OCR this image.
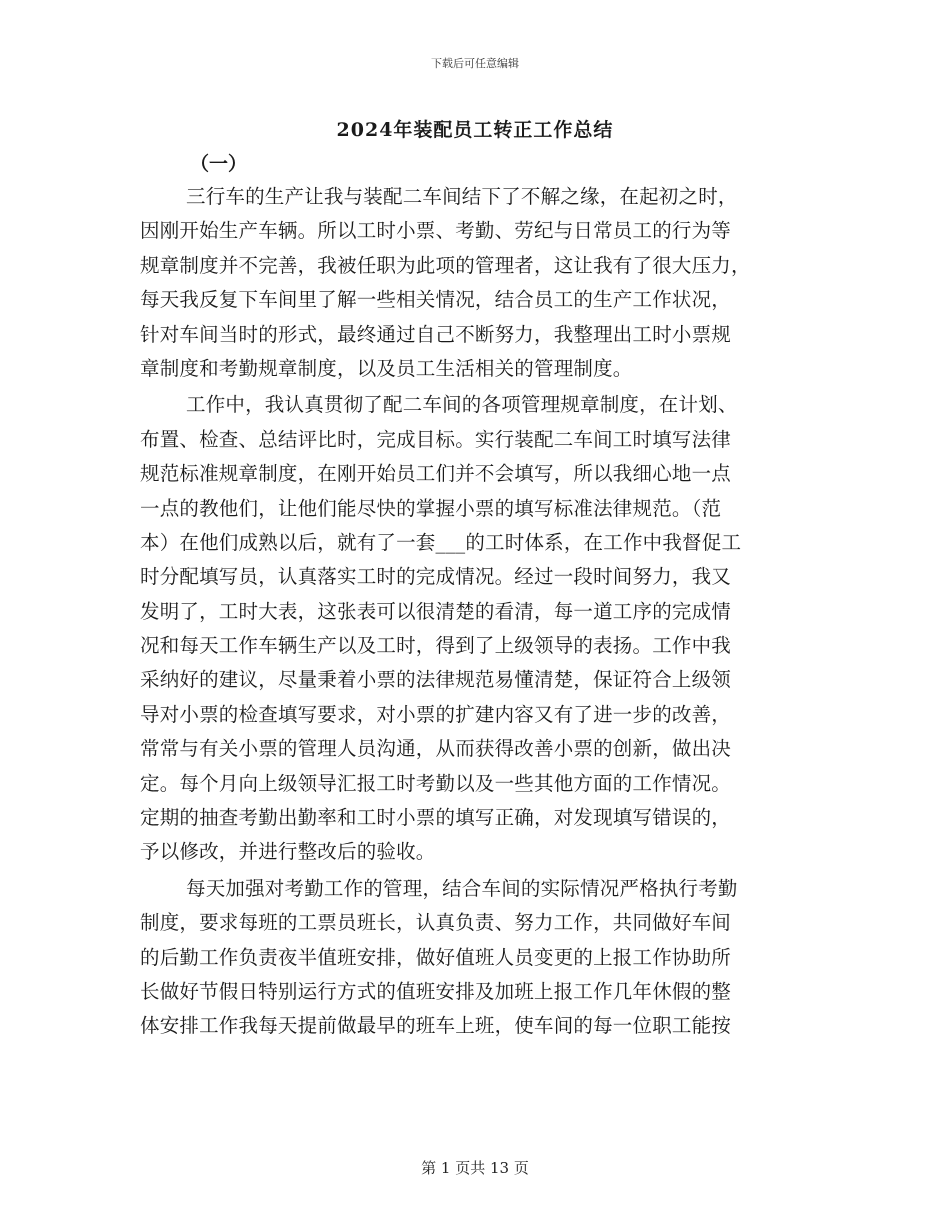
下载后可任意编辑
2024年装配员工转正工作总结
（一）
三行车的生产让我与装配二车间结下了不解之缘，在起初之时，
因刚开始生产车辆。所以工时小票、考勤、劳纪与日常员工的行为等
规章制度并不完善，我被任职为此项的管理者，这让我有了很大压力，
每天我反复下车间里了解一些相关情况，结合员工的生产工作状况，
针对车间当时的形式，最终通过自己不断努力，我整理出工时小票规
章制度和考勤规章制度，以及员工生活相关的管理制度。
工作中，我认真贯彻了配二车间的各项管理规章制度，在计划、
布置、检查、总结评比时，完成目标。实行装配二车间工时填写法律
规范标准规章制度，在刚开始员工们并不会填写，所以我细心地一点
一点的教他们，让他们能尽快的掌握小票的填写标准法律规范。（范
本）在他们成熟以后，就有了一套___的工时体系，在工作中我督促工
时分配填写员，认真落实工时的完成情况。经过一段时间努力，我又
发明了，工时大表，这张表可以很清楚的看清，每一道工序的完成情
况和每天工作车辆生产以及工时，得到了上级领导的表扬。工作中我
采纳好的建议，尽量秉着小票的法律规范易懂清楚，保证符合上级领
导对小票的检查填写要求，对小票的扩建内容又有了进一步的改善，
常常与有关小票的管理人员沟通，从而获得改善小票的创新，做出决
定。每个月向上级领导汇报工时考勤以及一些其他方面的工作情况。
定期的抽查考勤出勤率和工时小票的填写正确，对发现填写错误的，
予以修改，并进行整改后的验收。
每天加强对考勤工作的管理，结合车间的实际情况严格执行考勤
制度，要求每班的工票员班长，认真负责、努力工作，共同做好车间
的后勤工作负责夜半值班安排，做好值班人员变更的上报工作协助所
长做好节假日特别运行方式的值班安排及加班上报工作几年休假的整
体安排工作我每天提前做最早的班车上班，使车间的每一位职工能按
第 1 页共 13 页
